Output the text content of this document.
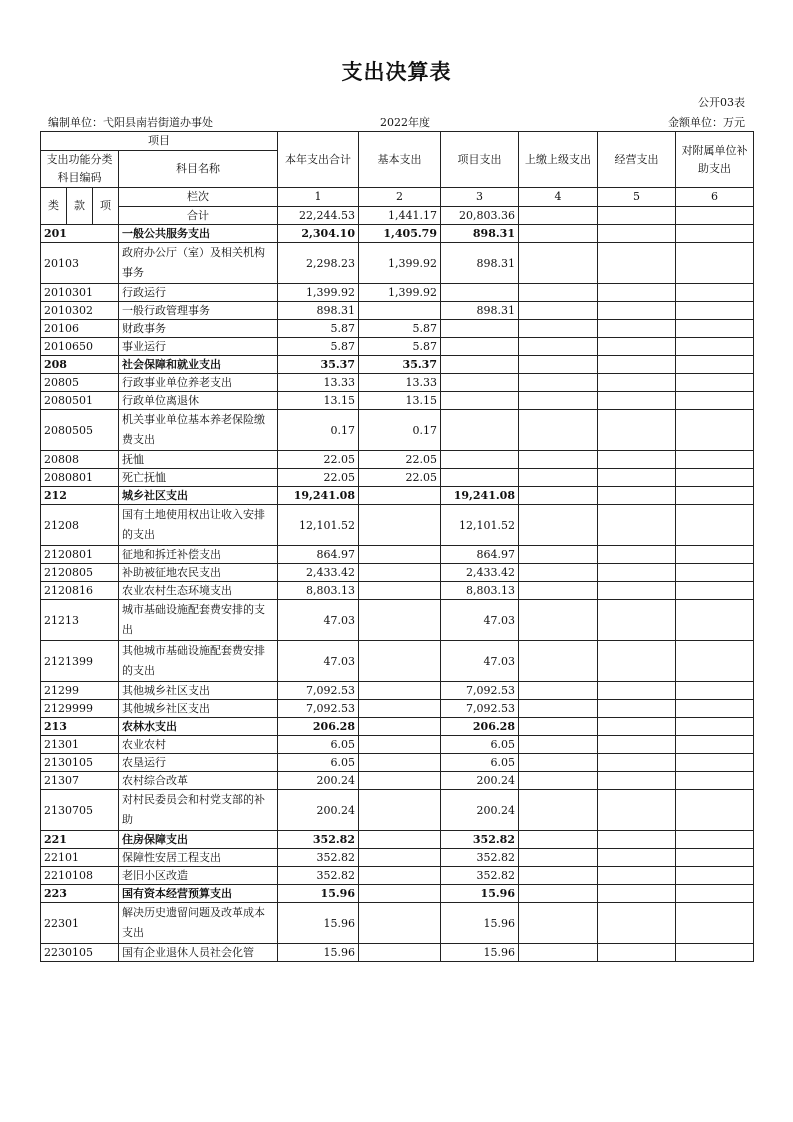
支出决算表
公开03表
编制单位：弋阳县南岩街道办事处	2022年度	金额单位：万元
项目				本年支出合计	基本支出	项目支出	上缴上级支出	经营支出	对附属单位补助支出
支出功能分类科目编码			科目名称						

类	款	项	栏次	1	2	3	4	5	6
			合计	22,244.53	1,441.17	20,803.36			
201			一般公共服务支出	2,304.10	1,405.79	898.31			
20103			政府办公厅（室）及相关机构事务	2,298.23	1,399.92	898.31			
2010301			行政运行	1,399.92	1,399.92				
2010302			一般行政管理事务	898.31		898.31			
20106			财政事务	5.87	5.87				
2010650			事业运行	5.87	5.87				
208			社会保障和就业支出	35.37	35.37				
20805			行政事业单位养老支出	13.33	13.33				
2080501			行政单位离退休	13.15	13.15				
2080505			机关事业单位基本养老保险缴费支出	0.17	0.17				
20808			抚恤	22.05	22.05				
2080801			死亡抚恤	22.05	22.05				
212			城乡社区支出	19,241.08		19,241.08			
21208			国有土地使用权出让收入安排的支出	12,101.52		12,101.52			
2120801			征地和拆迁补偿支出	864.97		864.97			
2120805			补助被征地农民支出	2,433.42		2,433.42			
2120816			农业农村生态环境支出	8,803.13		8,803.13			
21213			城市基础设施配套费安排的支出	47.03		47.03			
2121399			其他城市基础设施配套费安排的支出	47.03		47.03			
21299			其他城乡社区支出	7,092.53		7,092.53			
2129999			其他城乡社区支出	7,092.53		7,092.53			
213			农林水支出	206.28		206.28			
21301			农业农村	6.05		6.05			
2130105			农垦运行	6.05		6.05			
21307			农村综合改革	200.24		200.24			
2130705			对村民委员会和村党支部的补助	200.24		200.24			
221			住房保障支出	352.82		352.82			
22101			保障性安居工程支出	352.82		352.82			
2210108			老旧小区改造	352.82		352.82			
223			国有资本经营预算支出	15.96		15.96			
22301			解决历史遗留问题及改革成本支出	15.96		15.96			
2230105			国有企业退休人员社会化管	15.96		15.96			
